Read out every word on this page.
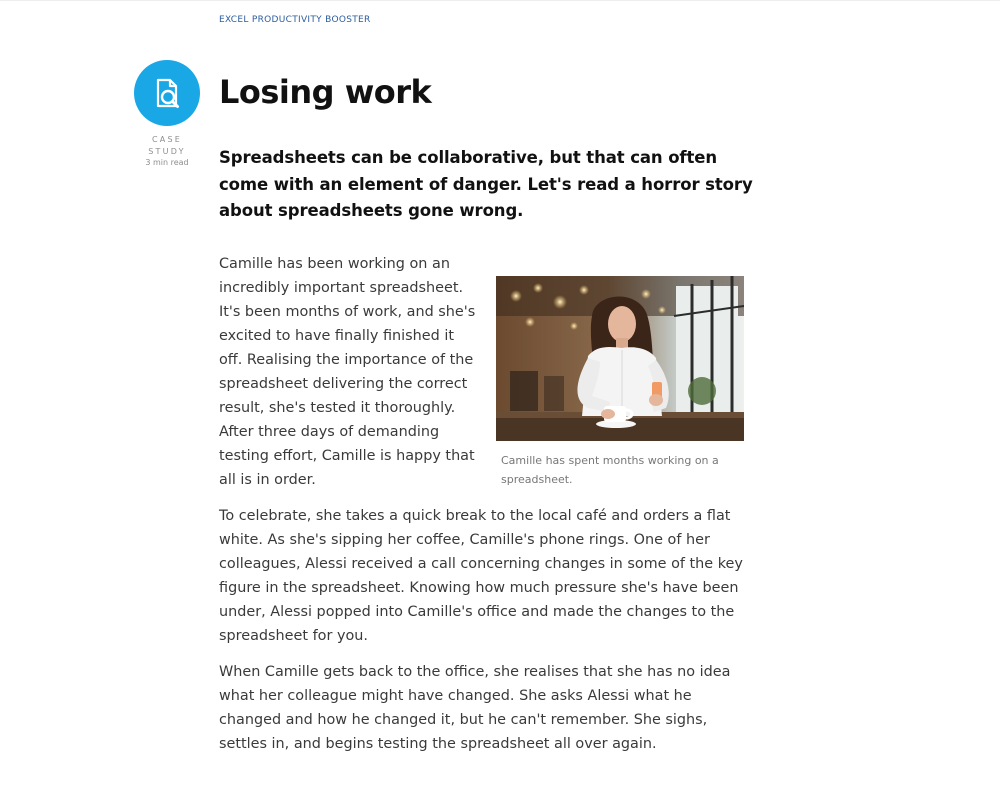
EXCEL PRODUCTIVITY BOOSTER
CASE STUDY
3 min read
Losing work

Spreadsheets can be collaborative, but that can often come with an element of danger. Let's read a horror story about spreadsheets gone wrong.

Camille has been working on an incredibly important spreadsheet. It's been months of work, and she's excited to have finally finished it off. Realising the importance of the spreadsheet delivering the correct result, she's tested it thoroughly. After three days of demanding testing effort, Camille is happy that all is in order.

Camille has spent months working on a spreadsheet.

To celebrate, she takes a quick break to the local café and orders a flat white. As she's sipping her coffee, Camille's phone rings. One of her colleagues, Alessi received a call concerning changes in some of the key figure in the spreadsheet. Knowing how much pressure she's have been under, Alessi popped into Camille's office and made the changes to the spreadsheet for you.

When Camille gets back to the office, she realises that she has no idea what her colleague might have changed. She asks Alessi what he changed and how he changed it, but he can't remember. She sighs, settles in, and begins testing the spreadsheet all over again.
